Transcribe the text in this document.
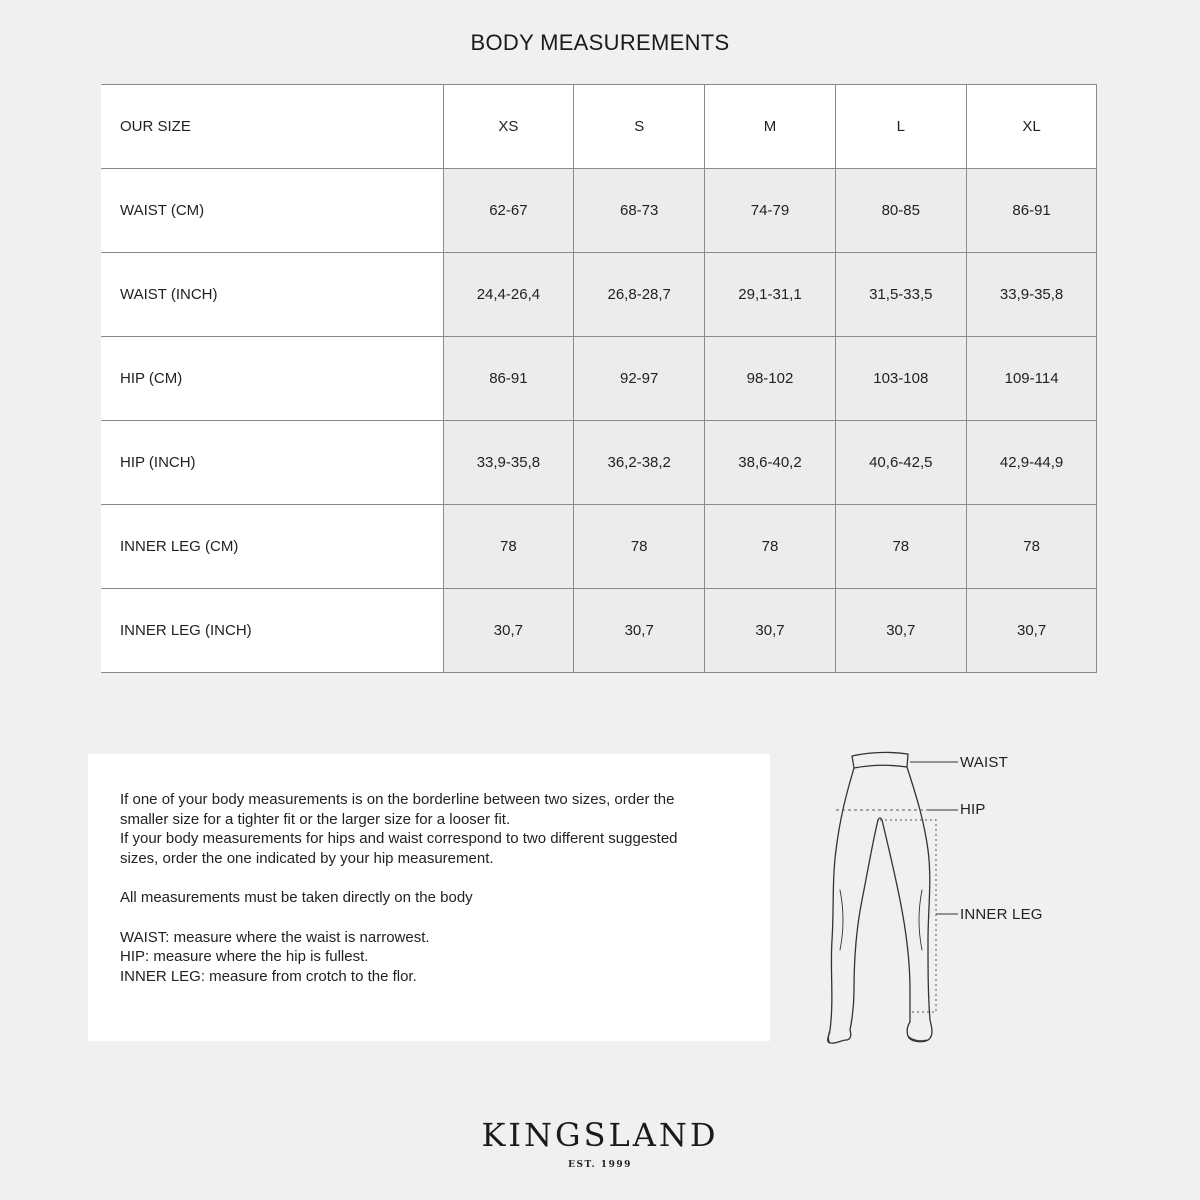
BODY MEASUREMENTS
OUR SIZE	XS	S	M	L	XL
WAIST (CM)	62-67	68-73	74-79	80-85	86-91
WAIST (INCH)	24,4-26,4	26,8-28,7	29,1-31,1	31,5-33,5	33,9-35,8
HIP (CM)	86-91	92-97	98-102	103-108	109-114
HIP (INCH)	33,9-35,8	36,2-38,2	38,6-40,2	40,6-42,5	42,9-44,9
INNER LEG (CM)	78	78	78	78	78
INNER LEG (INCH)	30,7	30,7	30,7	30,7	30,7

If one of your body measurements is on the borderline between two sizes, order the

smaller size for a tighter fit or the larger size for a looser fit.

If your body measurements for hips and waist correspond to two different suggested

sizes, order the one indicated by your hip measurement.

All measurements must be taken directly on the body

WAIST: measure where the waist is narrowest.

HIP: measure where the hip is fullest.

INNER LEG: measure from crotch to the flor.

WAIST
HIP
INNER LEG
KINGSLAND
EST. 1999
